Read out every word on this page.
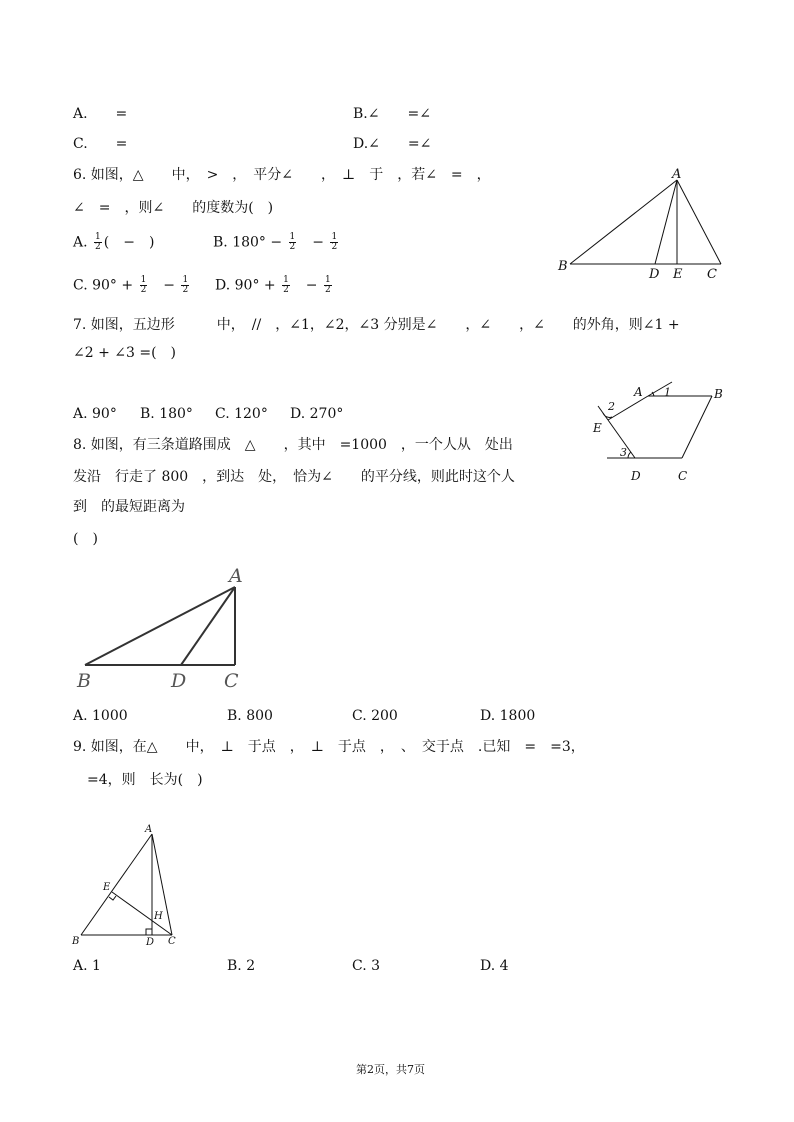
A.　　=	B.∠　　=∠
C.　　=	D.∠　　=∠
6. 如图，△　　中，　>　，　平分∠　　，　⊥　于　，若∠　=　，
∠　=　，则∠　　的度数为(　)
A. $\frac{1}{2}$ (　−　)	B. $180^\circ - \frac{1}{2}$ 　− $\frac{1}{2}$
C. $90^\circ + \frac{1}{2}$ 　− $\frac{1}{2} D$. $90^\circ + \frac{1}{2}$ 　− $\frac{1}{2}$
A
B
D E C
7. 如图，五边形　　　中，　//　，∠1，∠2，∠3 分别是∠　　，∠　　，∠　　的外角，则∠1 +
∠2 + ∠3 =(　)
A. 90° B. 180° C. 120° D. 270°
A 1	B
2
E
3
D	C
8. 如图，有三条道路围成　△　　，其中　=1000　，一个人从　处出
发沿　行走了 800　，到达　处，　恰为∠　　的平分线，则此时这个人
到　的最短距离为
(　)
A
B	D C
A. 1000	B. 800	C. 200	D. 1800
9. 如图，在△　　中，　⊥　于点　，　⊥　于点　，　、　交于点　.已知　=　=3，
　=4，则　长为(　)
A
E
H
B	D C
A. 1	B. 2	C. 3	D. 4
第2页，共7页
